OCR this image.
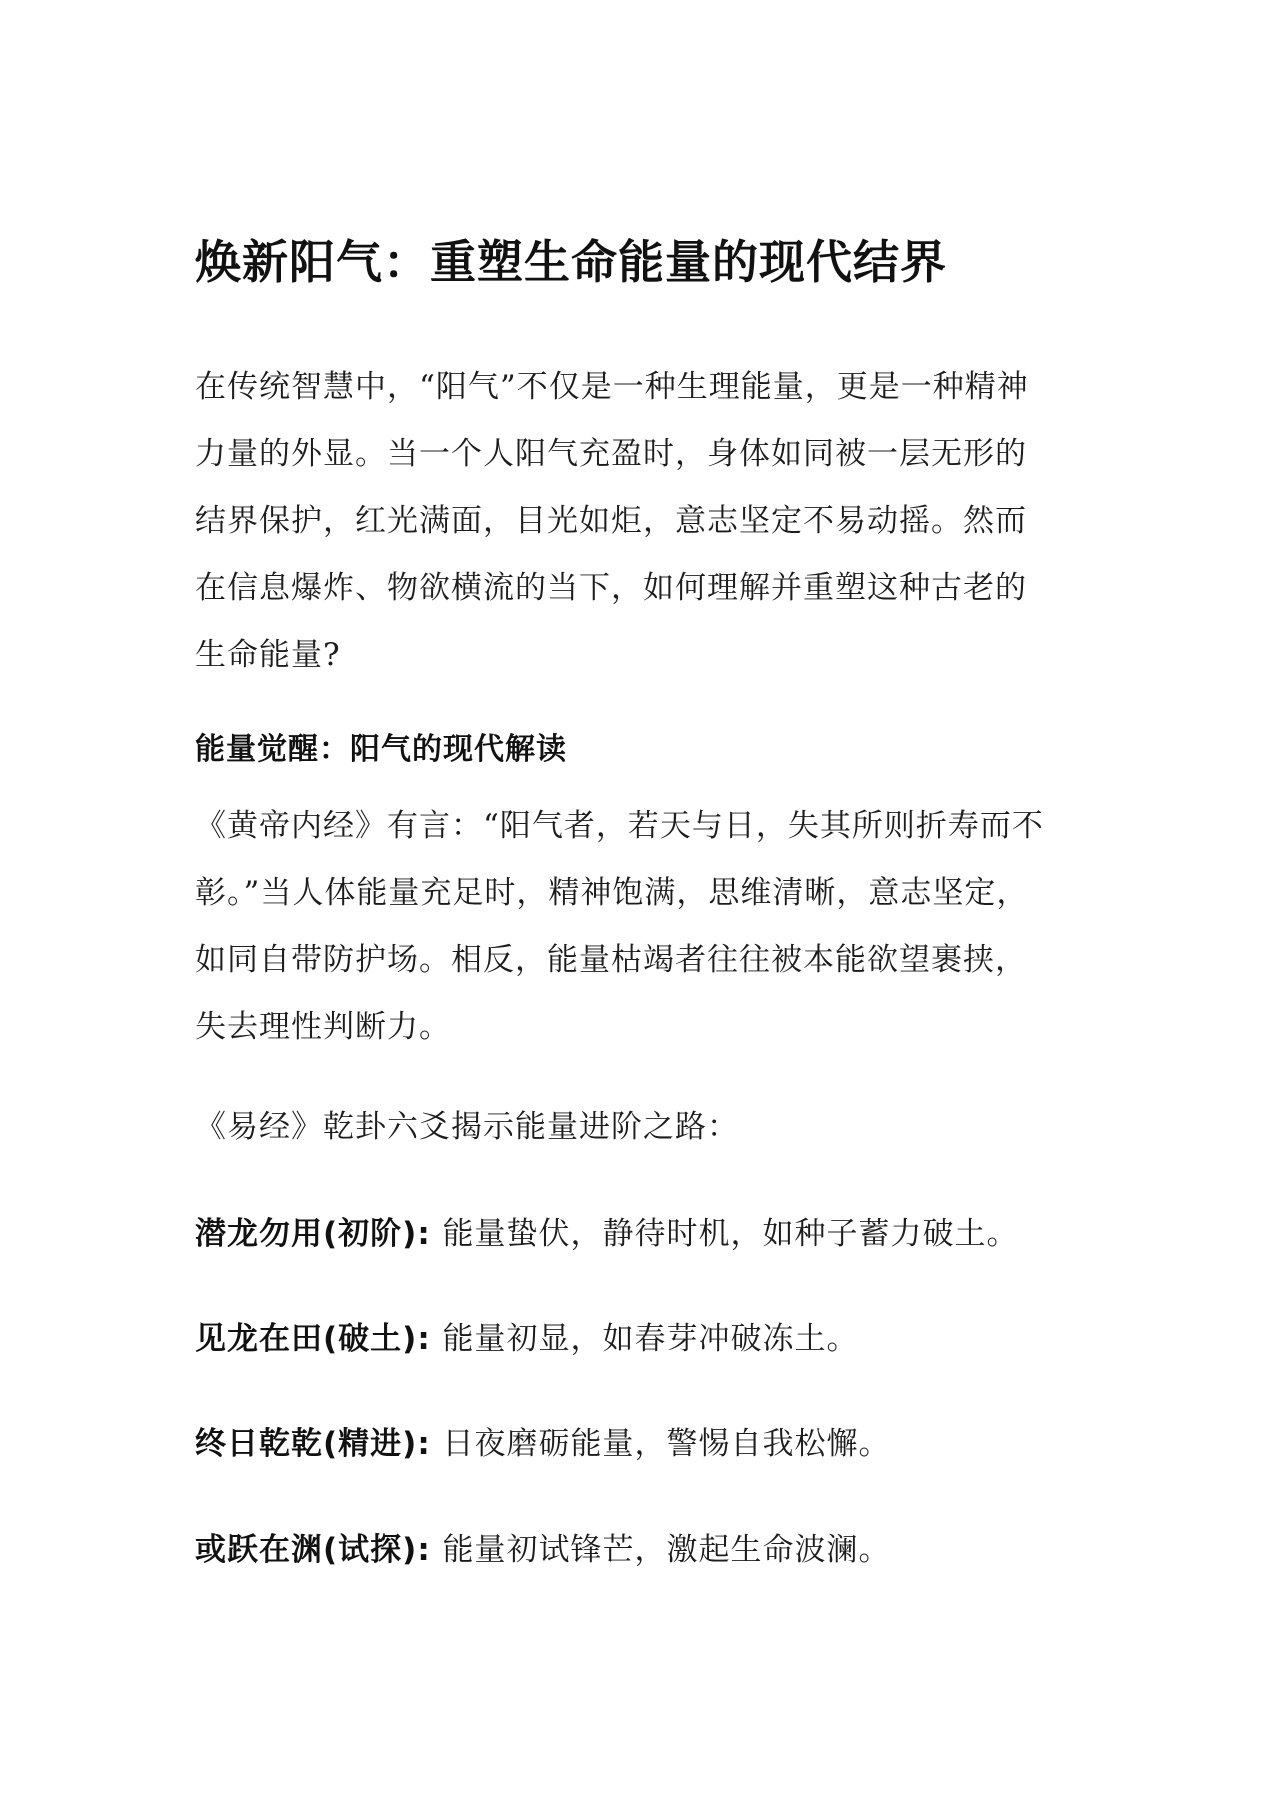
焕新阳气：重塑生命能量的现代结界

在传统智慧中，“阳气”不仅是一种生理能量，更是一种精神
力量的外显。当一个人阳气充盈时，身体如同被一层无形的
结界保护，红光满面，目光如炬，意志坚定不易动摇。然而
在信息爆炸、物欲横流的当下，如何理解并重塑这种古老的
生命能量?

能量觉醒：阳气的现代解读

《黄帝内经》有言：“阳气者，若天与日，失其所则折寿而不
彰。”当人体能量充足时，精神饱满，思维清晰，意志坚定，
如同自带防护场。相反，能量枯竭者往往被本能欲望裹挟，
失去理性判断力。

《易经》乾卦六爻揭示能量进阶之路：

潜龙勿用(初阶): 能量蛰伏，静待时机，如种子蓄力破土。

见龙在田(破土): 能量初显，如春芽冲破冻土。

终日乾乾(精进): 日夜磨砺能量，警惕自我松懈。

或跃在渊(试探): 能量初试锋芒，激起生命波澜。
